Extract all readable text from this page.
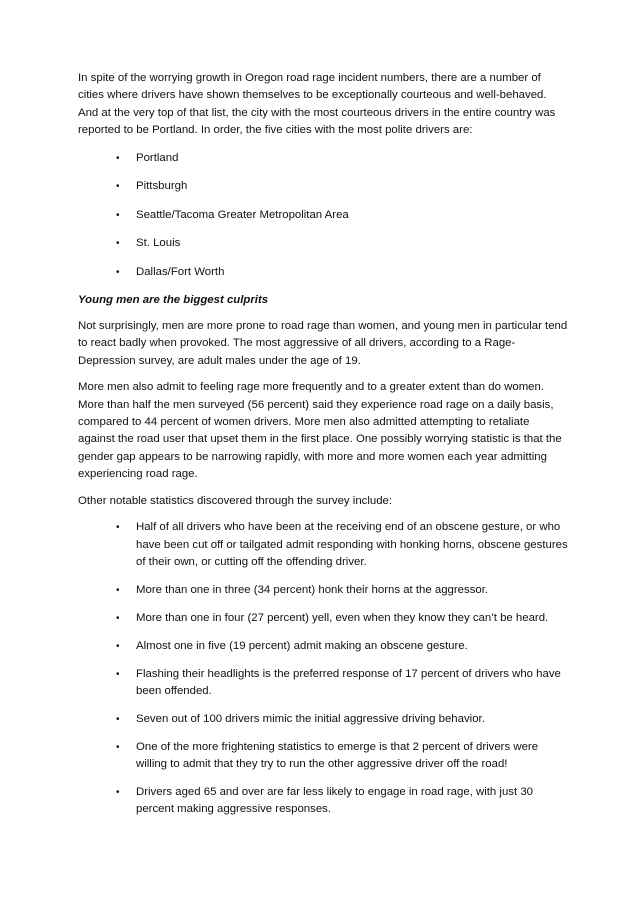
In spite of the worrying growth in Oregon road rage incident numbers, there are a number of cities where drivers have shown themselves to be exceptionally courteous and well-behaved. And at the very top of that list, the city with the most courteous drivers in the entire country was reported to be Portland. In order, the five cities with the most polite drivers are:

•	Portland
•	Pittsburgh
•	Seattle/Tacoma Greater Metropolitan Area
•	St. Louis
•	Dallas/Fort Worth

Young men are the biggest culprits

Not surprisingly, men are more prone to road rage than women, and young men in particular tend to react badly when provoked. The most aggressive of all drivers, according to a Rage-Depression survey, are adult males under the age of 19.

More men also admit to feeling rage more frequently and to a greater extent than do women. More than half the men surveyed (56 percent) said they experience road rage on a daily basis, compared to 44 percent of women drivers. More men also admitted attempting to retaliate against the road user that upset them in the first place. One possibly worrying statistic is that the gender gap appears to be narrowing rapidly, with more and more women each year admitting experiencing road rage.

Other notable statistics discovered through the survey include:

•	Half of all drivers who have been at the receiving end of an obscene gesture, or who have been cut off or tailgated admit responding with honking horns, obscene gestures of their own, or cutting off the offending driver.
•	More than one in three (34 percent) honk their horns at the aggressor.
•	More than one in four (27 percent) yell, even when they know they can’t be heard.
•	Almost one in five (19 percent) admit making an obscene gesture.
•	Flashing their headlights is the preferred response of 17 percent of drivers who have been offended.
•	Seven out of 100 drivers mimic the initial aggressive driving behavior.
•	One of the more frightening statistics to emerge is that 2 percent of drivers were willing to admit that they try to run the other aggressive driver off the road!
•	Drivers aged 65 and over are far less likely to engage in road rage, with just 30 percent making aggressive responses.
